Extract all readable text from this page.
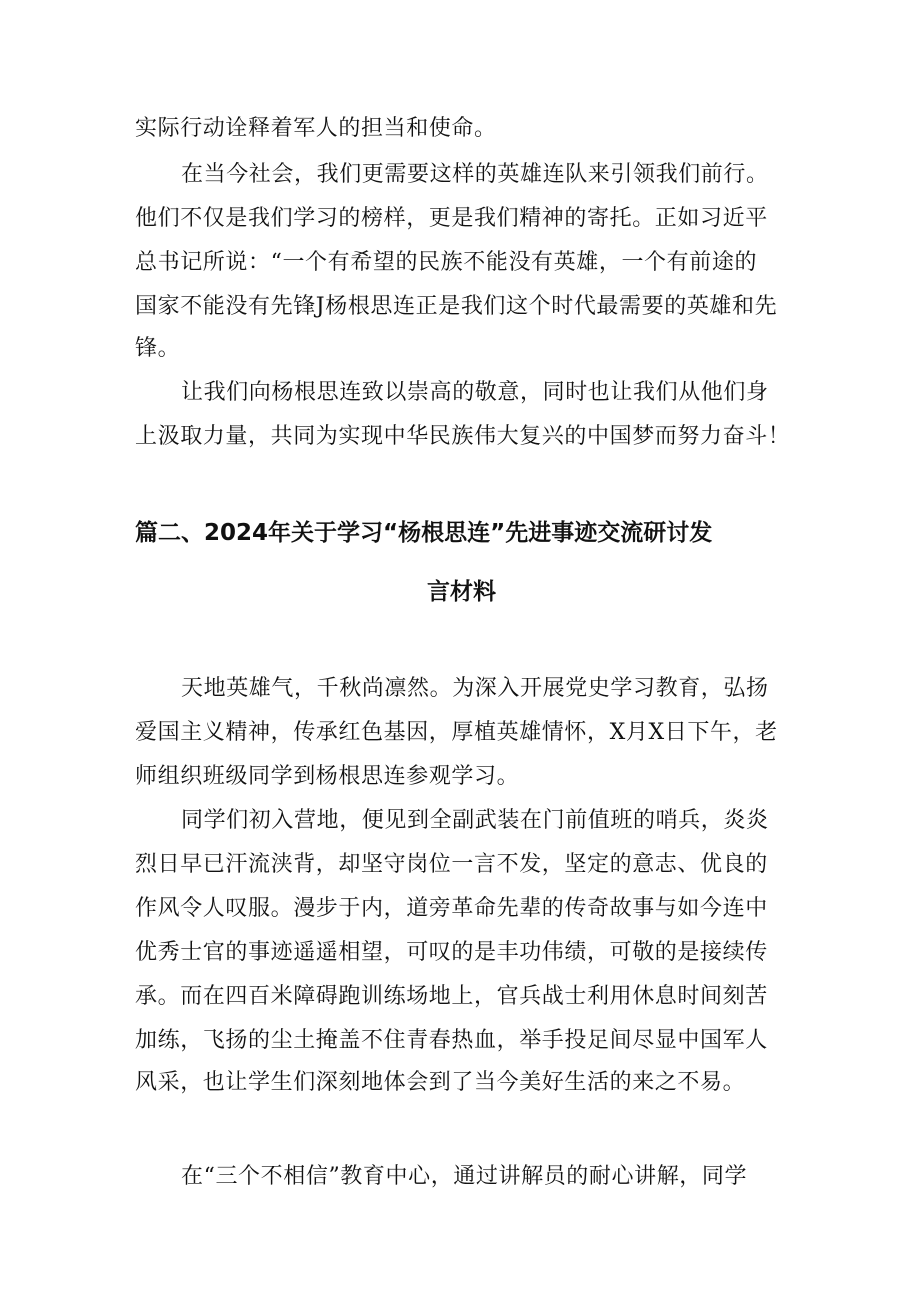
实际行动诠释着军人的担当和使命。
在当今社会，我们更需要这样的英雄连队来引领我们前行。
他们不仅是我们学习的榜样，更是我们精神的寄托。正如习近平
总书记所说：“一个有希望的民族不能没有英雄，一个有前途的
国家不能没有先锋J杨根思连正是我们这个时代最需要的英雄和先
锋。
让我们向杨根思连致以崇高的敬意，同时也让我们从他们身
上汲取力量，共同为实现中华民族伟大复兴的中国梦而努力奋斗！
篇二、2024年关于学习“杨根思连”先进事迹交流研讨发
言材料
天地英雄气，千秋尚凛然。为深入开展党史学习教育，弘扬
爱国主义精神，传承红色基因，厚植英雄情怀，X月X日下午，老
师组织班级同学到杨根思连参观学习。
同学们初入营地，便见到全副武装在门前值班的哨兵，炎炎
烈日早已汗流浃背，却坚守岗位一言不发，坚定的意志、优良的
作风令人叹服。漫步于内，道旁革命先辈的传奇故事与如今连中
优秀士官的事迹遥遥相望，可叹的是丰功伟绩，可敬的是接续传
承。而在四百米障碍跑训练场地上，官兵战士利用休息时间刻苦
加练，飞扬的尘土掩盖不住青春热血，举手投足间尽显中国军人
风采，也让学生们深刻地体会到了当今美好生活的来之不易。
在“三个不相信”教育中心，通过讲解员的耐心讲解，同学
